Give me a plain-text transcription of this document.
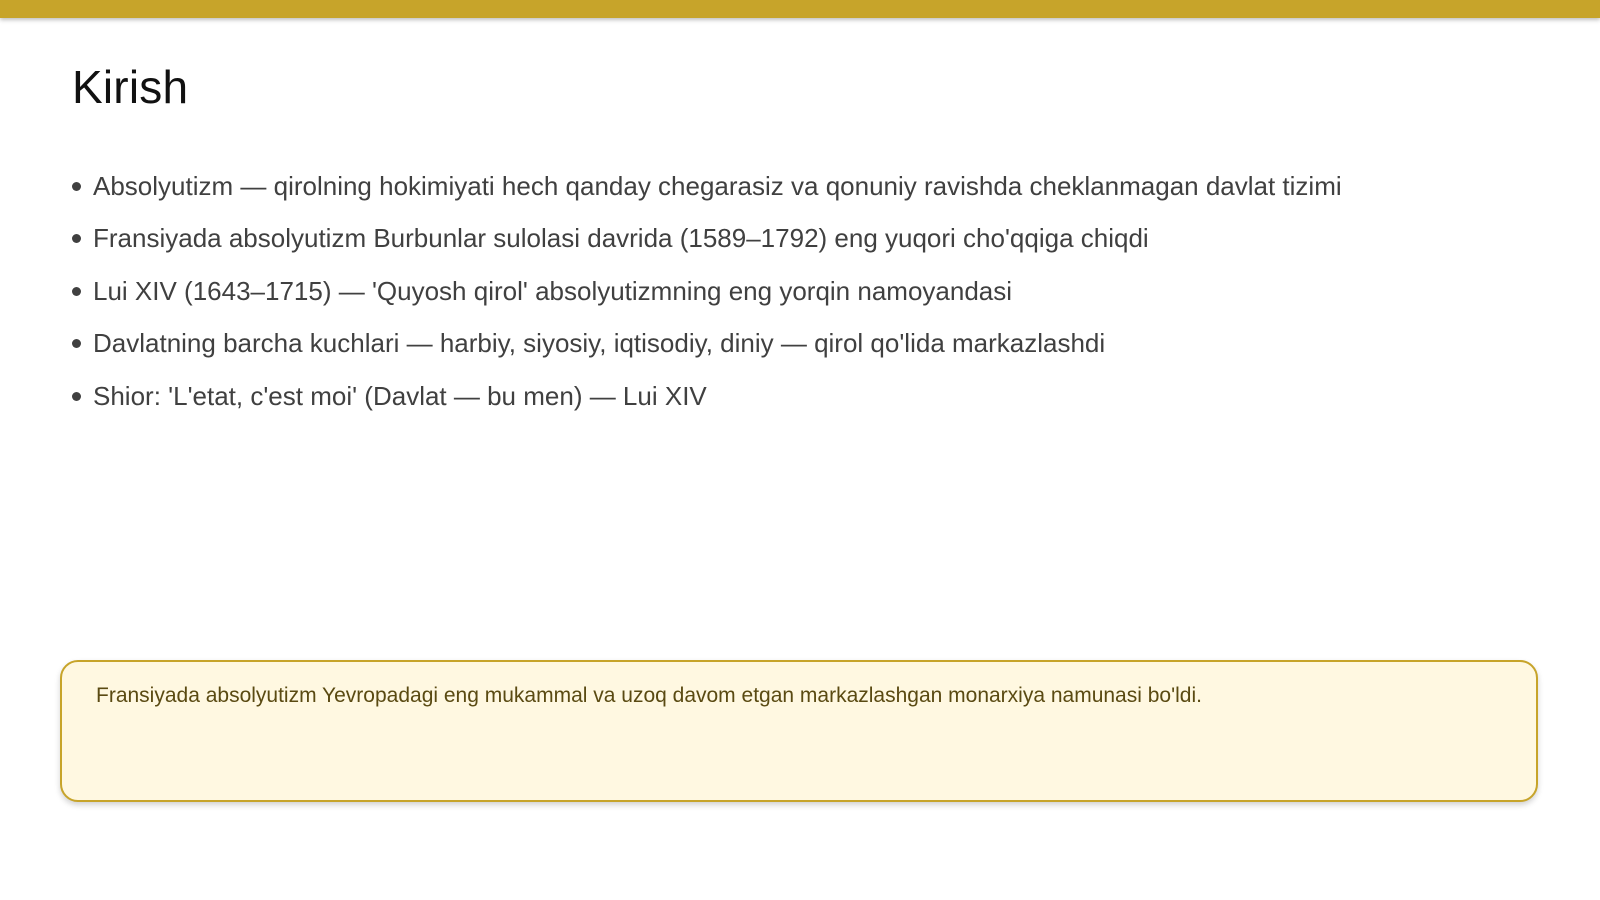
Kirish
Absolyutizm — qirolning hokimiyati hech qanday chegarasiz va qonuniy ravishda cheklanmagan davlat tizimi
Fransiyada absolyutizm Burbunlar sulolasi davrida (1589–1792) eng yuqori cho'qqiga chiqdi
Lui XIV (1643–1715) — 'Quyosh qirol' absolyutizmning eng yorqin namoyandasi
Davlatning barcha kuchlari — harbiy, siyosiy, iqtisodiy, diniy — qirol qo'lida markazlashdi
Shior: 'L'etat, c'est moi' (Davlat — bu men) — Lui XIV
Fransiyada absolyutizm Yevropadagi eng mukammal va uzoq davom etgan markazlashgan monarxiya namunasi bo'ldi.
